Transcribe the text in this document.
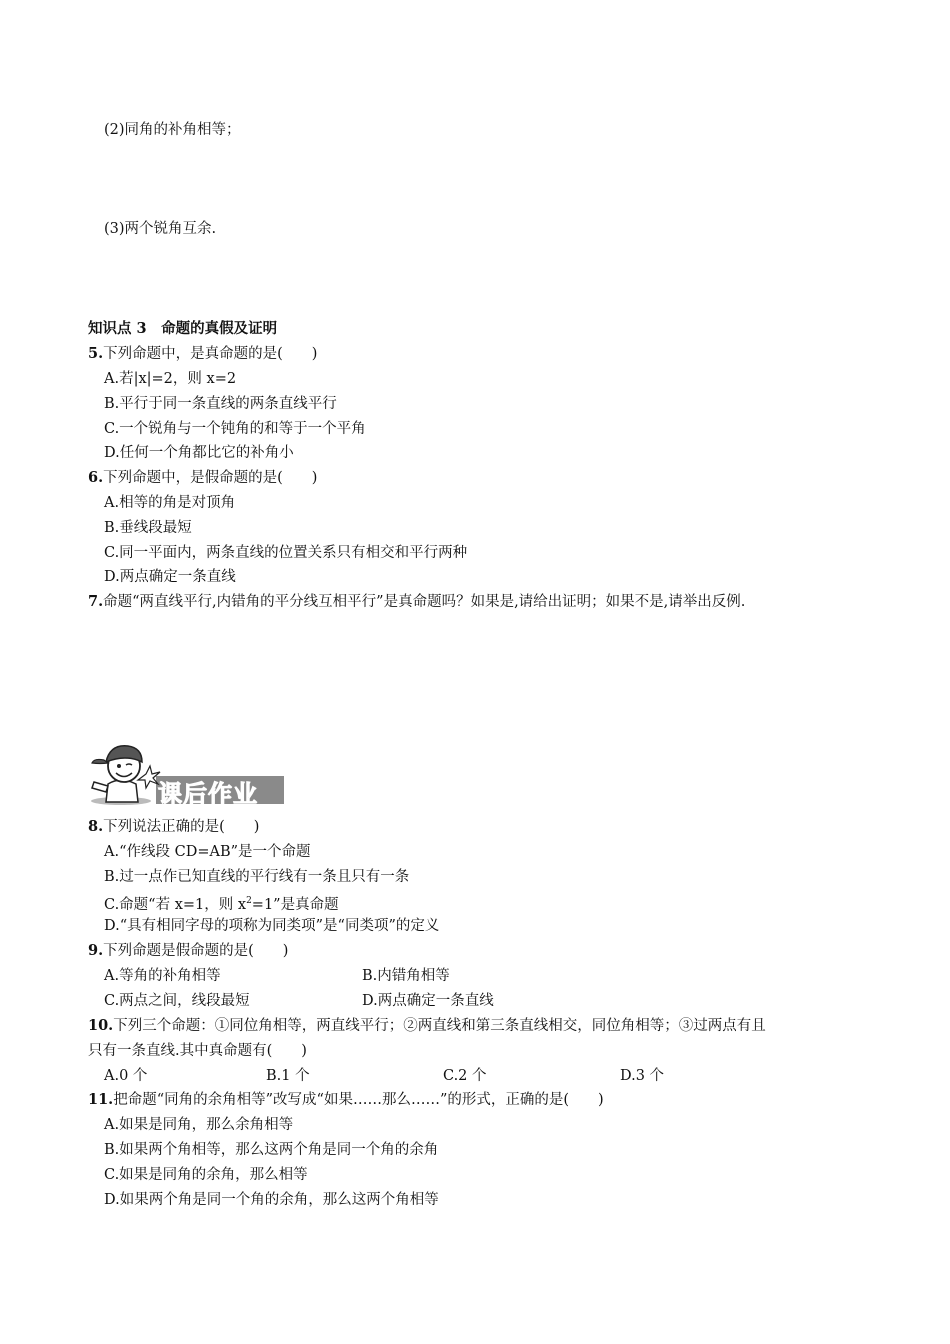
(2)同角的补角相等；
(3)两个锐角互余.
知识点 3　命题的真假及证明
5.下列命题中，是真命题的是(　　)
A.若|x|=2，则 x=2
B.平行于同一条直线的两条直线平行
C.一个锐角与一个钝角的和等于一个平角
D.任何一个角都比它的补角小
6.下列命题中，是假命题的是(　　)
A.相等的角是对顶角
B.垂线段最短
C.同一平面内，两条直线的位置关系只有相交和平行两种
D.两点确定一条直线
7.命题“两直线平行,内错角的平分线互相平行”是真命题吗？如果是,请给出证明；如果不是,请举出反例.
课后作业
8.下列说法正确的是(　　)
A.“作线段 CD=AB”是一个命题
B.过一点作已知直线的平行线有一条且只有一条
C.命题“若 x=1，则 $x^2=1$”是真命题
D.“具有相同字母的项称为同类项”是“同类项”的定义
9.下列命题是假命题的是(　　)
A.等角的补角相等	B.内错角相等
C.两点之间，线段最短	D.两点确定一条直线
10.下列三个命题：①同位角相等，两直线平行；②两直线和第三条直线相交，同位角相等；③过两点有且
只有一条直线.其中真命题有(　　)
A.0 个	B.1 个	C.2 个	D.3 个
11.把命题“同角的余角相等”改写成“如果……那么……”的形式，正确的是(　　)
A.如果是同角，那么余角相等
B.如果两个角相等，那么这两个角是同一个角的余角
C.如果是同角的余角，那么相等
D.如果两个角是同一个角的余角，那么这两个角相等
